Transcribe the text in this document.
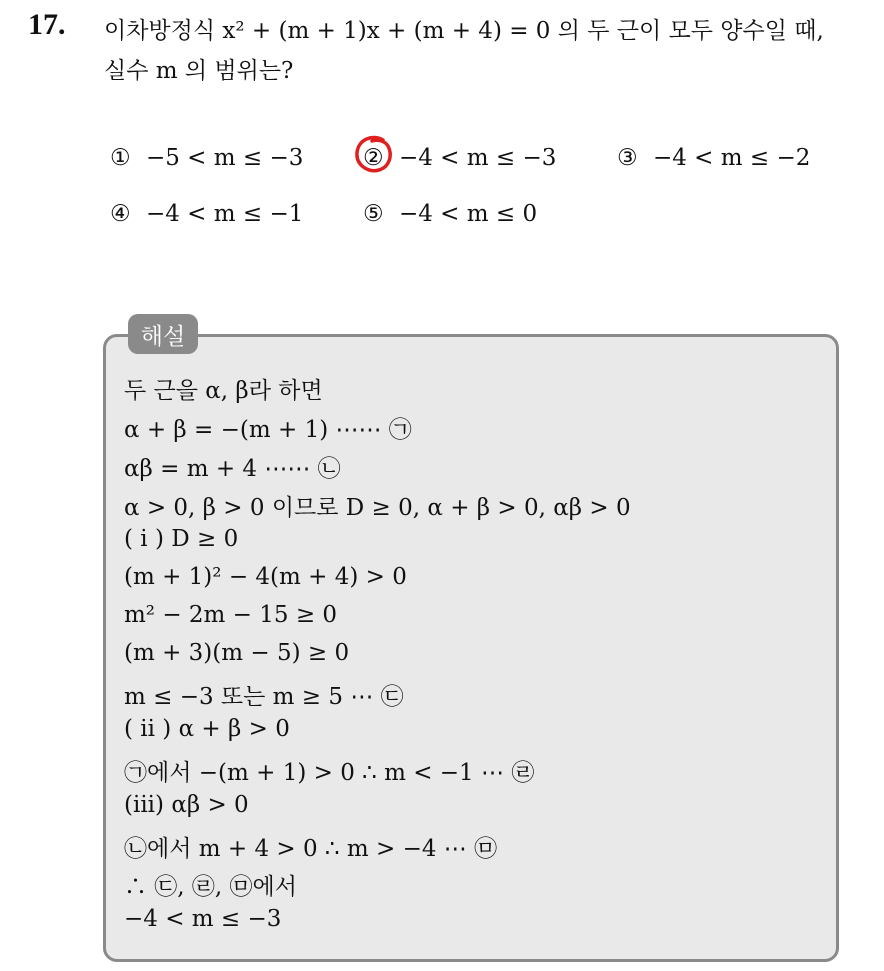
17. 이차방정식 x² + (m + 1)x + (m + 4) = 0 의 두 근이 모두 양수일 때,
실수 m 의 범위는?
① −5 < m ≤ −3	② −4 < m ≤ −3	③ −4 < m ≤ −2
④ −4 < m ≤ −1	⑤ −4 < m ≤ 0
해설
두 근을 α, β라 하면
α + β = −(m + 1) ⋯⋯ ㉠
αβ = m + 4 ⋯⋯ ㉡
α > 0, β > 0 이므로 D ≥ 0, α + β > 0, αβ > 0
( i ) D ≥ 0
(m + 1)² − 4(m + 4) > 0
m² − 2m − 15 ≥ 0
(m + 3)(m − 5) ≥ 0
m ≤ −3 또는 m ≥ 5 ⋯ ㉢
( ii ) α + β > 0
㉠에서 −(m + 1) > 0 ∴ m < −1 ⋯ ㉣
(iii) αβ > 0
㉡에서 m + 4 > 0 ∴ m > −4 ⋯ ㉤
∴ ㉢, ㉣, ㉤에서
−4 < m ≤ −3
